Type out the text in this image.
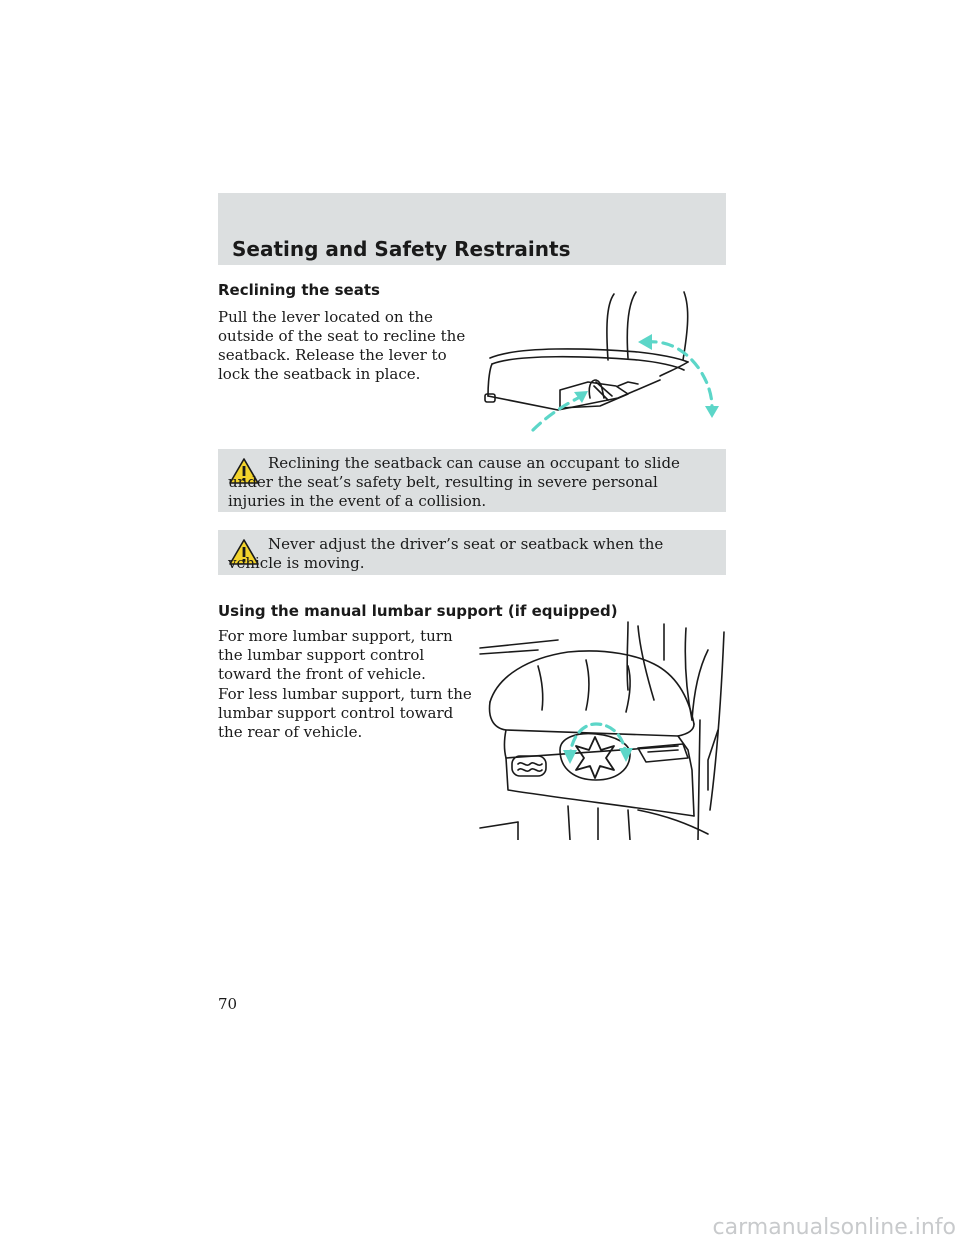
Seating and Safety Restraints
Reclining the seats

Pull the lever located on the outside of the seat to recline the seatback. Release the lever to lock the seatback in place.

Reclining the seatback can cause an occupant to slide under the seat’s safety belt, resulting in severe personal injuries in the event of a collision.

Never adjust the driver’s seat or seatback when the vehicle is moving.

Using the manual lumbar support (if equipped)

For more lumbar support, turn the lumbar support control toward the front of vehicle.

For less lumbar support, turn the lumbar support control toward the rear of vehicle.

70

carmanualsonline.info
